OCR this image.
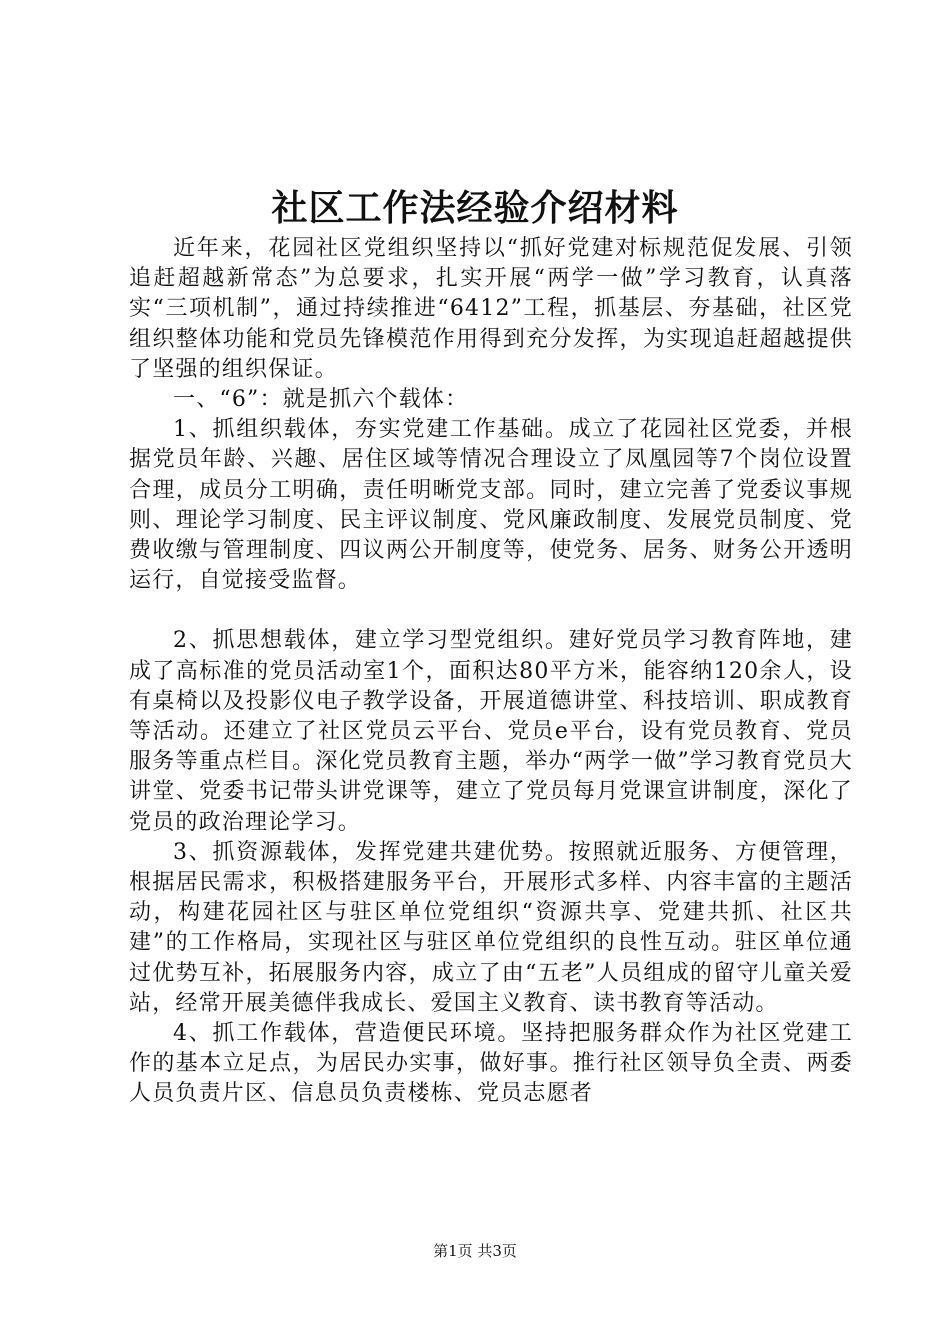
社区工作法经验介绍材料

近年来，花园社区党组织坚持以“抓好党建对标规范促发展、引领追赶超越新常态”为总要求，扎实开展“两学一做”学习教育，认真落实“三项机制”，通过持续推进“6412”工程，抓基层、夯基础，社区党组织整体功能和党员先锋模范作用得到充分发挥，为实现追赶超越提供了坚强的组织保证。

一、“6”：就是抓六个载体：

1、抓组织载体，夯实党建工作基础。成立了花园社区党委，并根据党员年龄、兴趣、居住区域等情况合理设立了凤凰园等7个岗位设置合理，成员分工明确，责任明晰党支部。同时，建立完善了党委议事规则、理论学习制度、民主评议制度、党风廉政制度、发展党员制度、党费收缴与管理制度、四议两公开制度等，使党务、居务、财务公开透明运行，自觉接受监督。

2、抓思想载体，建立学习型党组织。建好党员学习教育阵地，建成了高标准的党员活动室1个，面积达80平方米，能容纳120余人，设有桌椅以及投影仪电子教学设备，开展道德讲堂、科技培训、职成教育等活动。还建立了社区党员云平台、党员e平台，设有党员教育、党员服务等重点栏目。深化党员教育主题，举办“两学一做”学习教育党员大讲堂、党委书记带头讲党课等，建立了党员每月党课宣讲制度，深化了党员的政治理论学习。

3、抓资源载体，发挥党建共建优势。按照就近服务、方便管理，根据居民需求，积极搭建服务平台，开展形式多样、内容丰富的主题活动，构建花园社区与驻区单位党组织“资源共享、党建共抓、社区共建”的工作格局，实现社区与驻区单位党组织的良性互动。驻区单位通过优势互补，拓展服务内容，成立了由“五老”人员组成的留守儿童关爱站，经常开展美德伴我成长、爱国主义教育、读书教育等活动。

4、抓工作载体，营造便民环境。坚持把服务群众作为社区党建工作的基本立足点，为居民办实事，做好事。推行社区领导负全责、两委人员负责片区、信息员负责楼栋、党员志愿者

第1页 共3页
